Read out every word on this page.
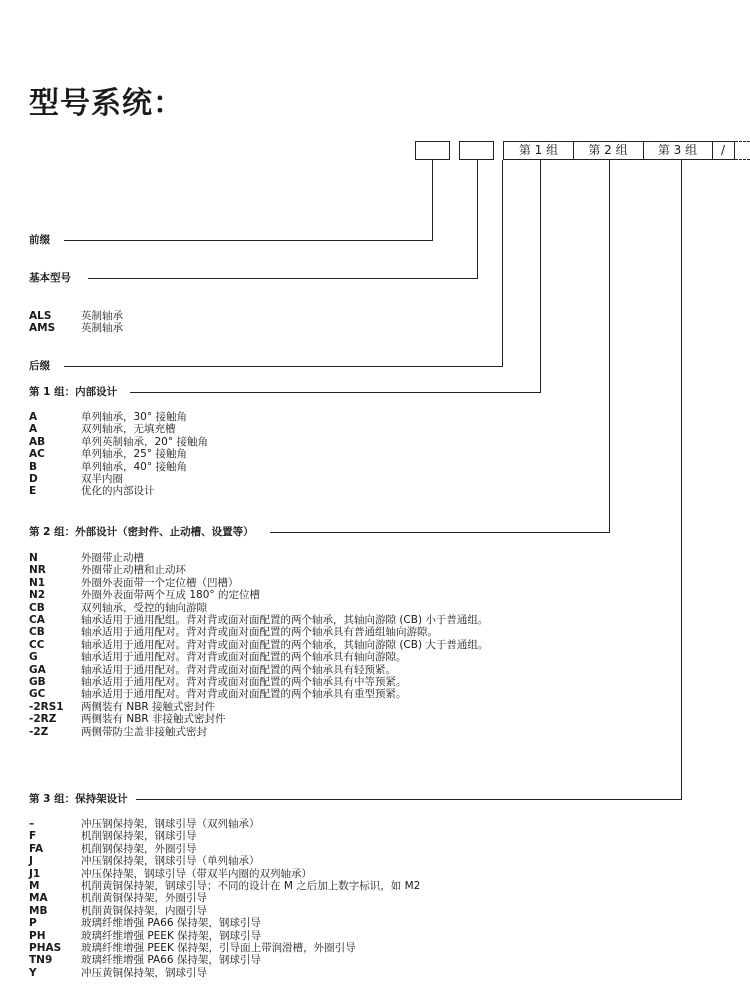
型号系统：
第 1 组	第 2 组	第 3 组	/
前缀
基本型号
后缀
第 1 组：内部设计
第 2 组：外部设计（密封件、止动槽、设置等）
第 3 组：保持架设计
ALS	英制轴承
AMS	英制轴承
A	单列轴承，30° 接触角
A	双列轴承，无填充槽
AB	单列英制轴承，20° 接触角
AC	单列轴承，25° 接触角
B	单列轴承，40° 接触角
D	双半内圈
E	优化的内部设计
N	外圈带止动槽
NR	外圈带止动槽和止动环
N1	外圈外表面带一个定位槽（凹槽）
N2	外圈外表面带两个互成 180° 的定位槽
CB	双列轴承，受控的轴向游隙
CA	轴承适用于通用配组。背对背或面对面配置的两个轴承，其轴向游隙 (CB) 小于普通组。
CB	轴承适用于通用配对。背对背或面对面配置的两个轴承具有普通组轴向游隙。
CC	轴承适用于通用配对。背对背或面对面配置的两个轴承，其轴向游隙 (CB) 大于普通组。
G	轴承适用于通用配对。背对背或面对面配置的两个轴承具有轴向游隙。
GA	轴承适用于通用配对。背对背或面对面配置的两个轴承具有轻预紧。
GB	轴承适用于通用配对。背对背或面对面配置的两个轴承具有中等预紧。
GC	轴承适用于通用配对。背对背或面对面配置的两个轴承具有重型预紧。
-2RS1	两侧装有 NBR 接触式密封件
-2RZ	两侧装有 NBR 非接触式密封件
-2Z	两侧带防尘盖非接触式密封
–	冲压钢保持架，钢球引导（双列轴承）
F	机削钢保持架，钢球引导
FA	机削钢保持架，外圈引导
J	冲压钢保持架，钢球引导（单列轴承）
J1	冲压保持架，钢球引导（带双半内圈的双列轴承）
M	机削黄铜保持架，钢球引导；不同的设计在 M 之后加上数字标识，如 M2
MA	机削黄铜保持架，外圈引导
MB	机削黄铜保持架，内圈引导
P	玻璃纤维增强 PA66 保持架，钢球引导
PH	玻璃纤维增强 PEEK 保持架，钢球引导
PHAS	玻璃纤维增强 PEEK 保持架，引导面上带润滑槽，外圈引导
TN9	玻璃纤维增强 PA66 保持架，钢球引导
Y	冲压黄铜保持架，钢球引导
